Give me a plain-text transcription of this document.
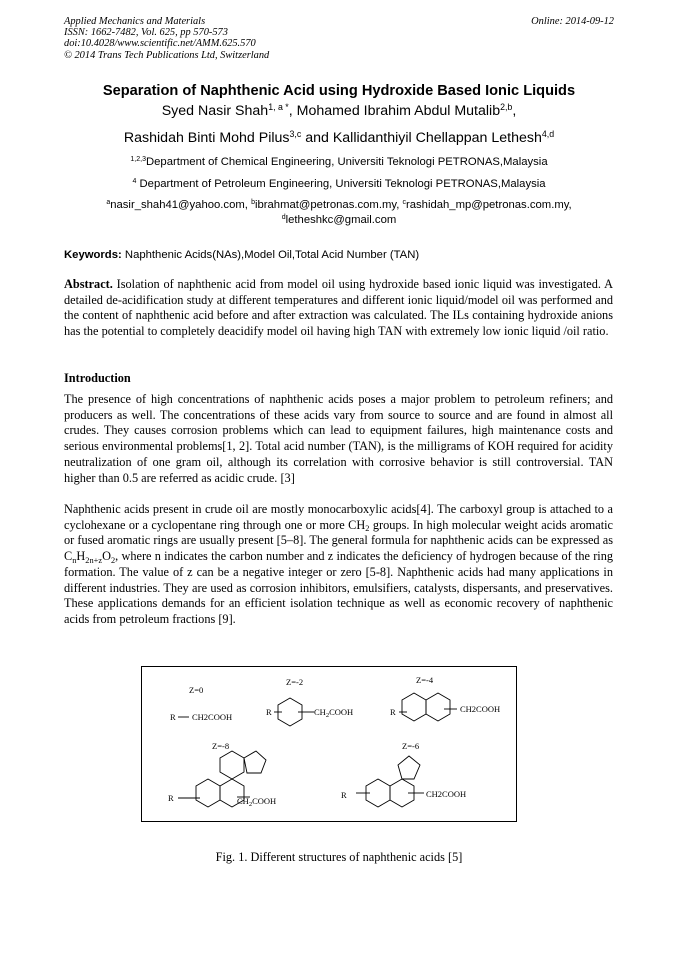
Applied Mechanics and Materials
ISSN: 1662-7482, Vol. 625, pp 570-573
doi:10.4028/www.scientific.net/AMM.625.570
© 2014 Trans Tech Publications Ltd, Switzerland
Online: 2014-09-12
Separation of Naphthenic Acid using Hydroxide Based Ionic Liquids
Syed Nasir Shah$^{1, a *}$, Mohamed Ibrahim Abdul Mutalib$^{2,b}$,
Rashidah Binti Mohd Pilus$^{3,c}$ and Kallidanthiyil Chellappan Lethesh$^{4,d}$
$^{1,2,3}$Department of Chemical Engineering, Universiti Teknologi PETRONAS,Malaysia
$^4$ Department of Petroleum Engineering, Universiti Teknologi PETRONAS,Malaysia
$^a$nasir_shah41@yahoo.com, $^b$ibrahmat@petronas.com.my, $^c$rashidah_mp@petronas.com.my,
$^d$letheshkc@gmail.com
Keywords: Naphthenic Acids(NAs),Model Oil,Total Acid Number (TAN)

Abstract. Isolation of naphthenic acid from model oil using hydroxide based ionic liquid was investigated. A detailed de-acidification study at different temperatures and different ionic liquid/model oil was performed and the content of naphthenic acid before and after extraction was calculated. The ILs containing hydroxide anions has the potential to completely deacidify model oil having high TAN with extremely low ionic liquid /oil ratio.

Introduction

The presence of high concentrations of naphthenic acids poses a major problem to petroleum refiners; and producers as well. The concentrations of these acids vary from source to source and are found in almost all crudes. They causes corrosion problems which can lead to equipment failures, high maintenance costs and serious environmental problems[1, 2]. Total acid number (TAN), is the milligrams of KOH required for acidity neutralization of one gram oil, although its correlation with corrosive behavior is still controversial. TAN higher than 0.5 are referred as acidic crude. [3]

Naphthenic acids present in crude oil are mostly monocarboxylic acids[4]. The carboxyl group is attached to a cyclohexane or a cyclopentane ring through one or more $CH_2$ groups. In high molecular weight acids aromatic or fused aromatic rings are usually present [5–8]. The general formula for naphthenic acids can be expressed as $C_nH_{2n+z}O_2$, where n indicates the carbon number and z indicates the deficiency of hydrogen because of the ring formation. The value of z can be a negative integer or zero [5-8]. Naphthenic acids had many applications in different industries. They are used as corrosion inhibitors, emulsifiers, catalysts, dispersants, and preservatives. These applications demands for an efficient isolation technique as well as economic recovery of naphthenic acids from petroleum fractions [9].

Z=0
R CH2COOH
Z=-2
R	$CH_2COOH$
Z=-4
R	CH2COOH
Z=-8
R	$CH_2COOH$
Z=-6
R	CH2COOH
Fig. 1. Different structures of naphthenic acids [5]
